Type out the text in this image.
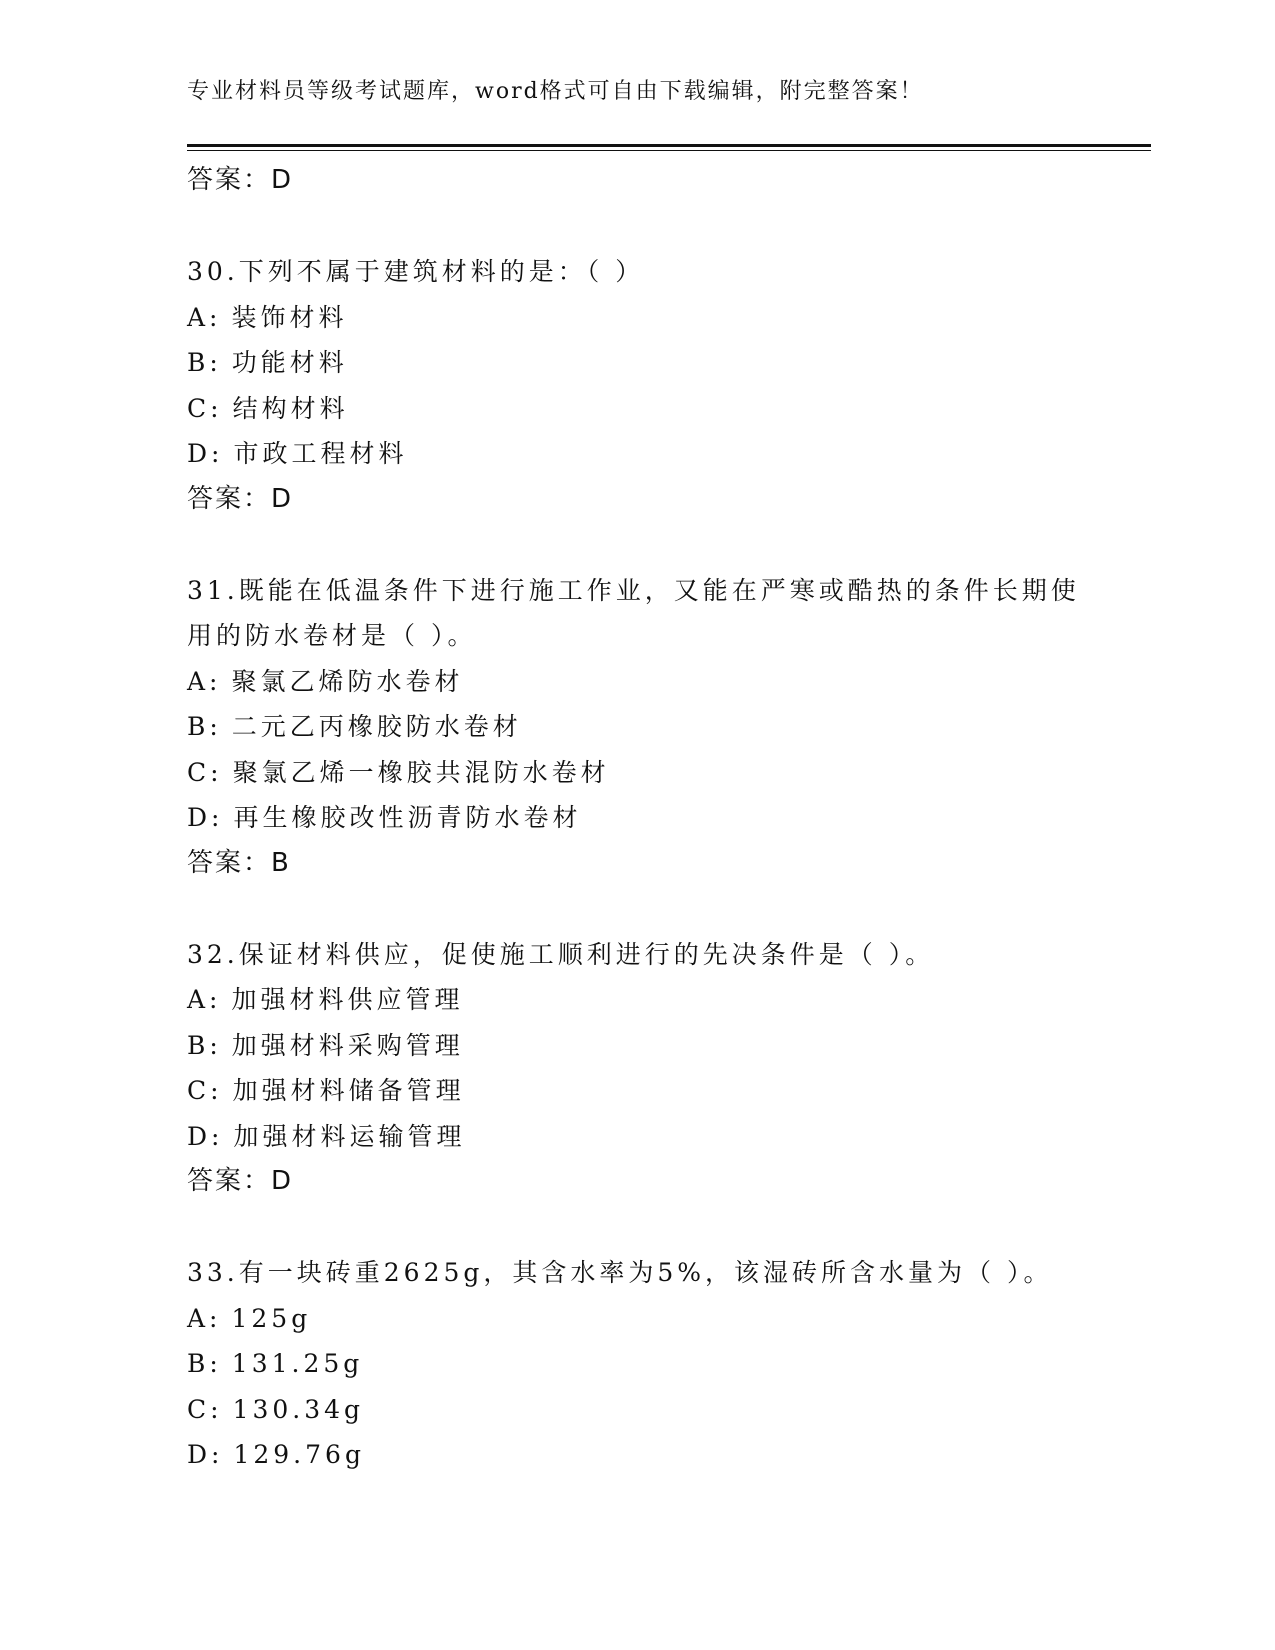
专业材料员等级考试题库，word格式可自由下载编辑，附完整答案！
答案：D
30.下列不属于建筑材料的是：（ ）
A: 装饰材料
B: 功能材料
C: 结构材料
D: 市政工程材料
答案：D
31.既能在低温条件下进行施工作业，又能在严寒或酷热的条件长期使
用的防水卷材是（ ）。
A: 聚氯乙烯防水卷材
B: 二元乙丙橡胶防水卷材
C: 聚氯乙烯一橡胶共混防水卷材
D: 再生橡胶改性沥青防水卷材
答案：B
32.保证材料供应，促使施工顺利进行的先决条件是（ ）。
A: 加强材料供应管理
B: 加强材料采购管理
C: 加强材料储备管理
D: 加强材料运输管理
答案：D
33.有一块砖重2625g，其含水率为5%，该湿砖所含水量为（ ）。
A: 125g
B: 131.25g
C: 130.34g
D: 129.76g
